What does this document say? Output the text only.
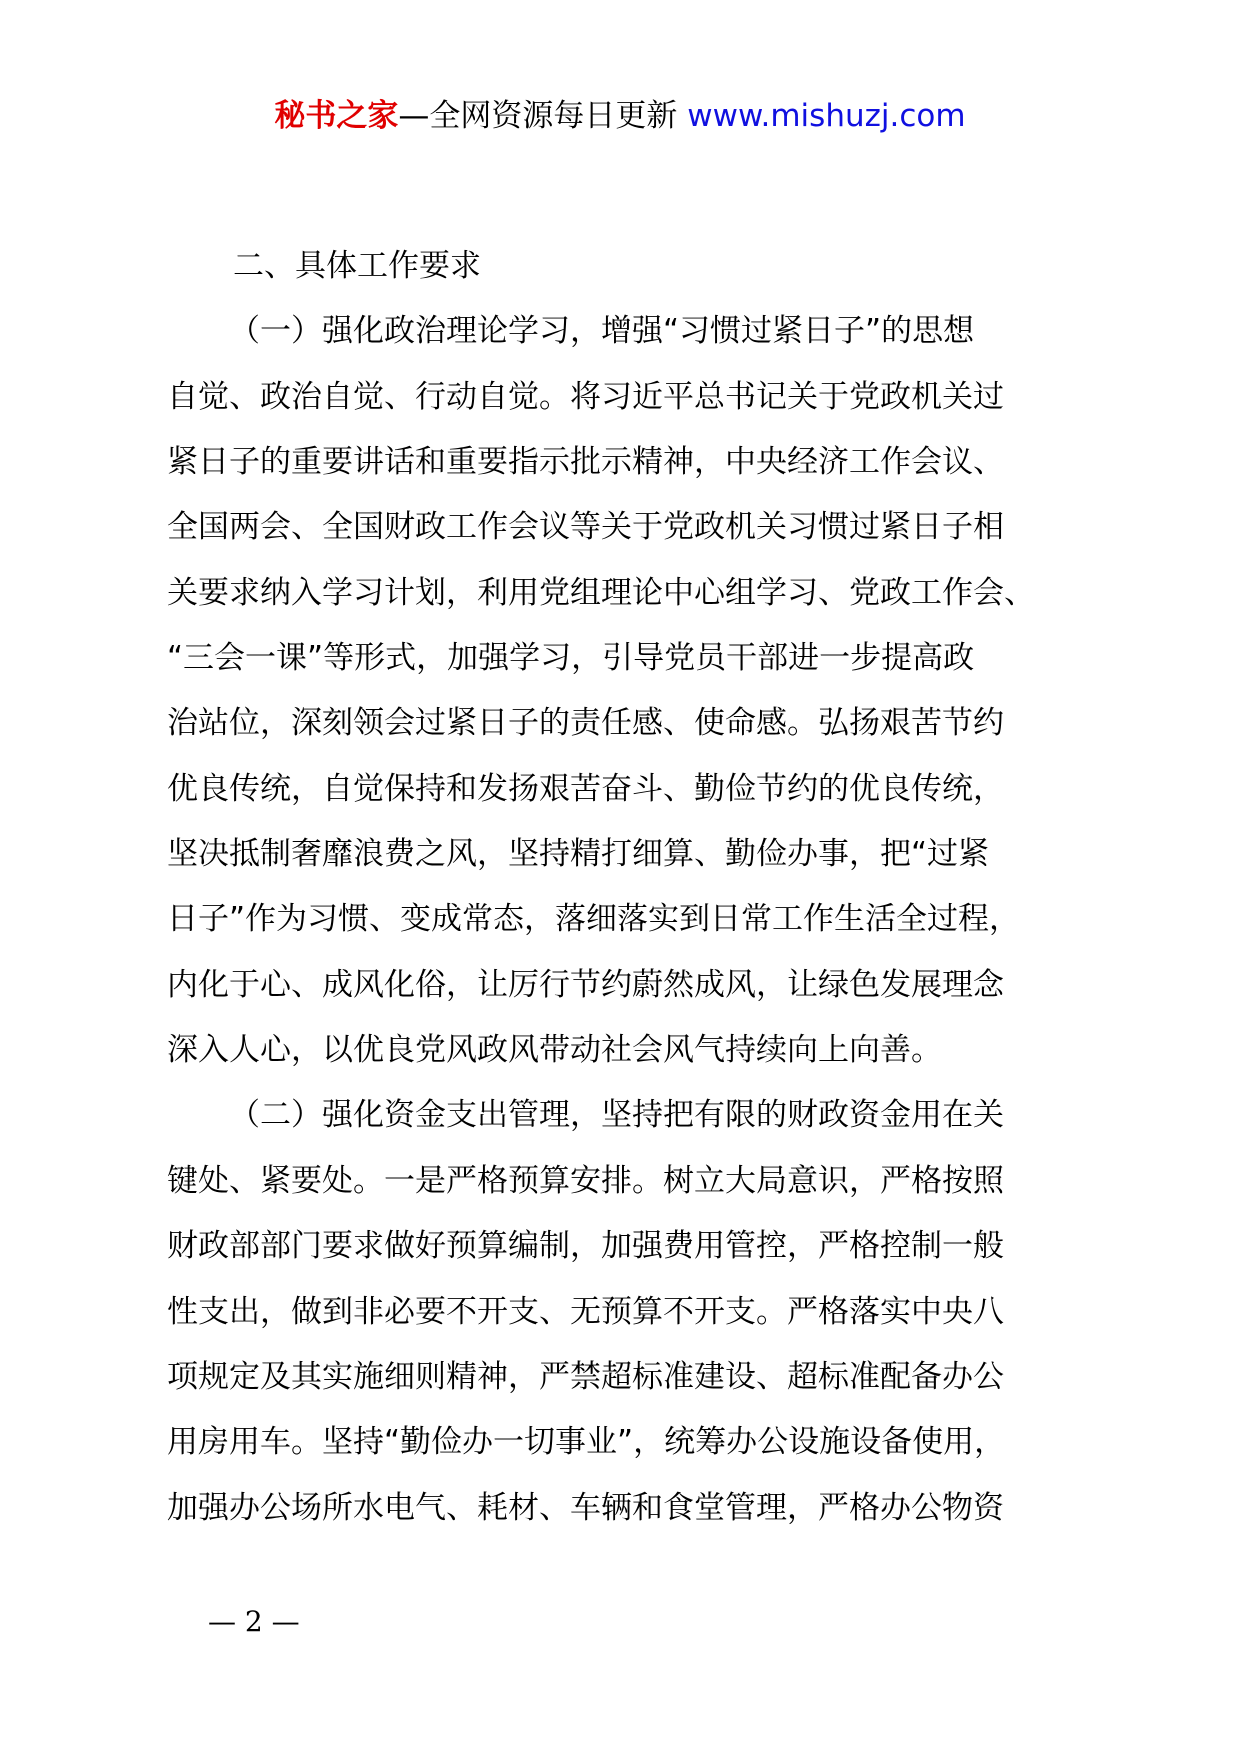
秘书之家—全网资源每日更新 www.mishuzj.com
二、具体工作要求
（一）强化政治理论学习，增强“习惯过紧日子”的思想
自觉、政治自觉、行动自觉。将习近平总书记关于党政机关过
紧日子的重要讲话和重要指示批示精神，中央经济工作会议、
全国两会、全国财政工作会议等关于党政机关习惯过紧日子相
关要求纳入学习计划，利用党组理论中心组学习、党政工作会、
“三会一课”等形式，加强学习，引导党员干部进一步提高政
治站位，深刻领会过紧日子的责任感、使命感。弘扬艰苦节约
优良传统，自觉保持和发扬艰苦奋斗、勤俭节约的优良传统，
坚决抵制奢靡浪费之风，坚持精打细算、勤俭办事，把“过紧
日子”作为习惯、变成常态，落细落实到日常工作生活全过程，
内化于心、成风化俗，让厉行节约蔚然成风，让绿色发展理念
深入人心，以优良党风政风带动社会风气持续向上向善。
（二）强化资金支出管理，坚持把有限的财政资金用在关
键处、紧要处。一是严格预算安排。树立大局意识，严格按照
财政部部门要求做好预算编制，加强费用管控，严格控制一般
性支出，做到非必要不开支、无预算不开支。严格落实中央八
项规定及其实施细则精神，严禁超标准建设、超标准配备办公
用房用车。坚持“勤俭办一切事业”，统筹办公设施设备使用，
加强办公场所水电气、耗材、车辆和食堂管理，严格办公物资
— 2 —
